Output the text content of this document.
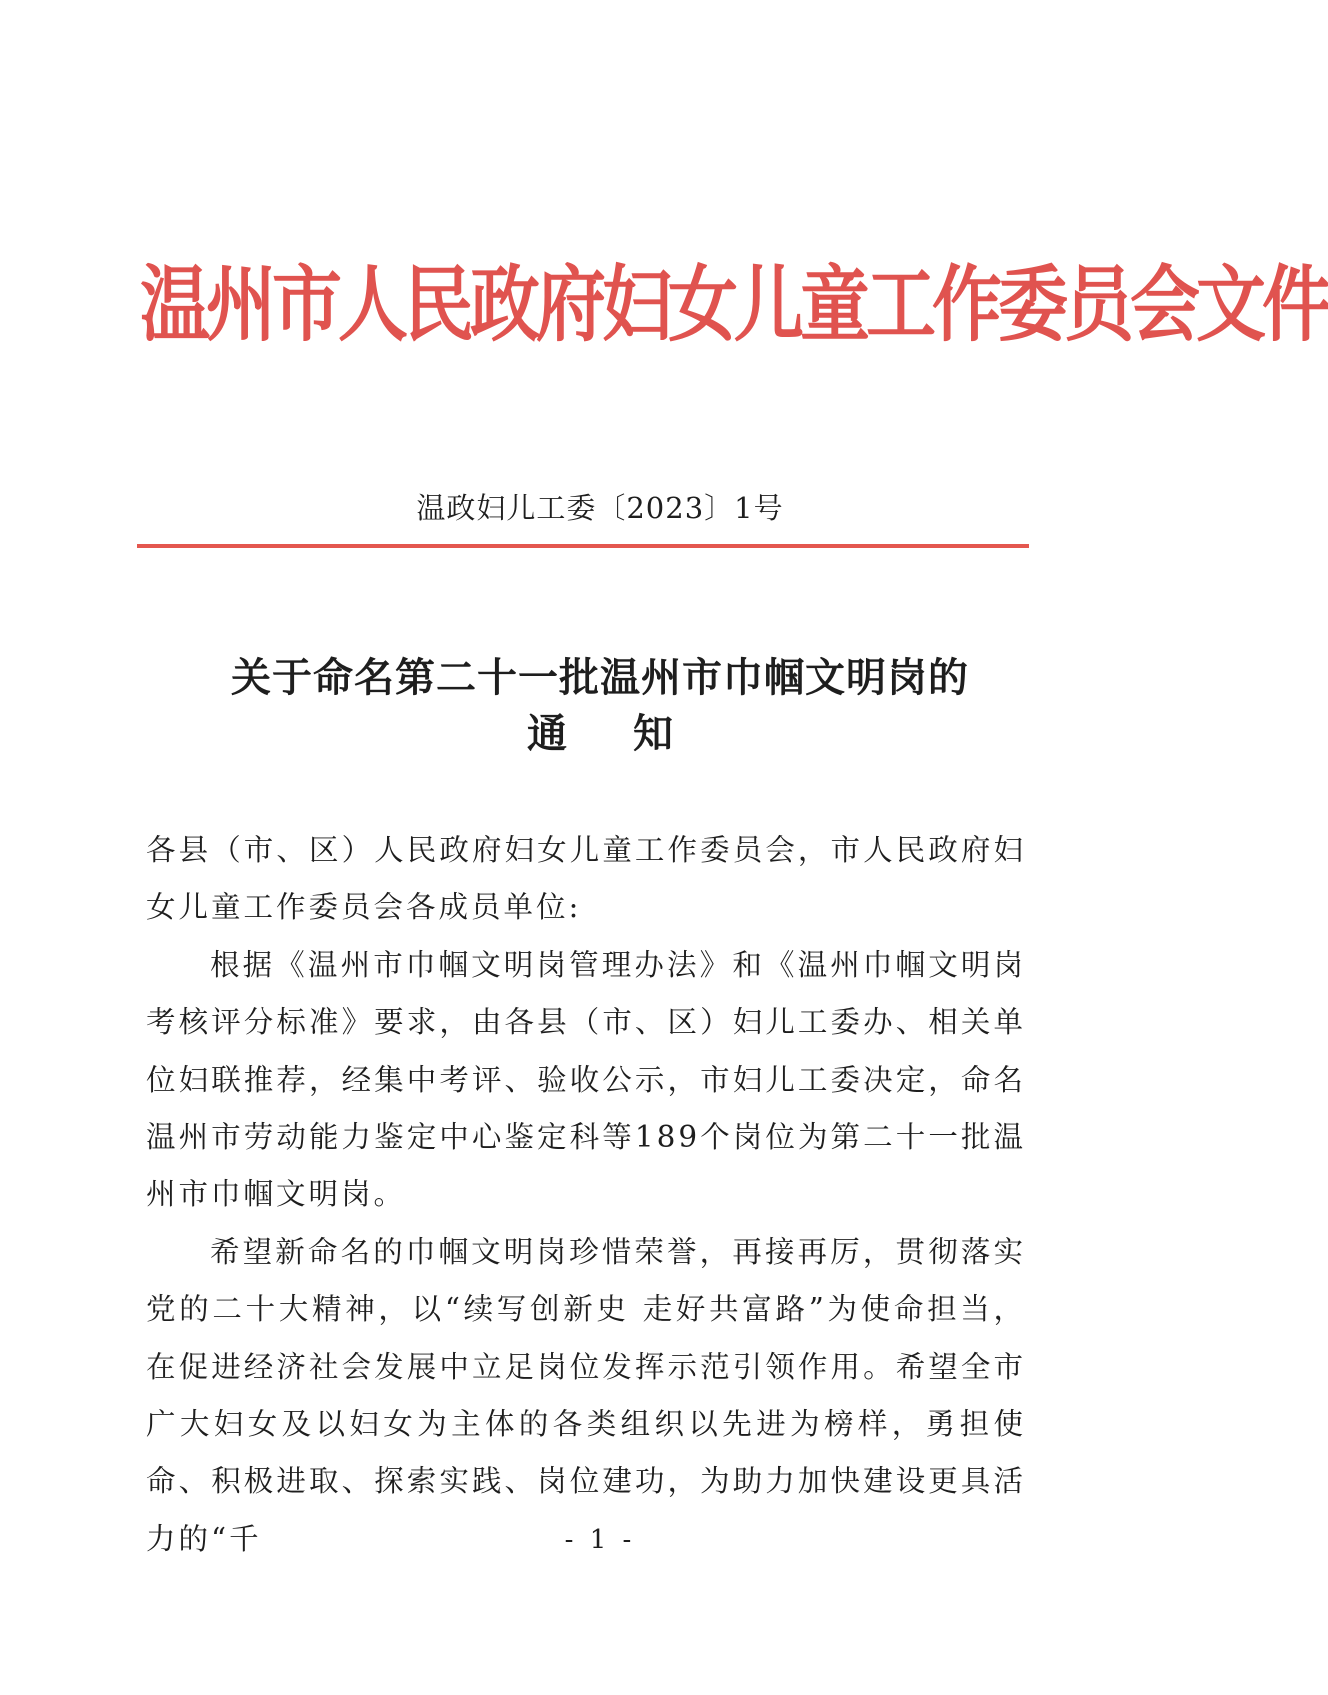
温州市人民政府妇女儿童工作委员会文件
温政妇儿工委〔2023〕1号
关于命名第二十一批温州市巾帼文明岗的
通知

各县（市、区）人民政府妇女儿童工作委员会，市人民政府妇女儿童工作委员会各成员单位:

根据《温州市巾帼文明岗管理办法》和《温州巾帼文明岗考核评分标准》要求，由各县（市、区）妇儿工委办、相关单位妇联推荐，经集中考评、验收公示，市妇儿工委决定，命名温州市劳动能力鉴定中心鉴定科等189个岗位为第二十一批温州市巾帼文明岗。

希望新命名的巾帼文明岗珍惜荣誉，再接再厉，贯彻落实党的二十大精神，以“续写创新史 走好共富路”为使命担当，在促进经济社会发展中立足岗位发挥示范引领作用。希望全市广大妇女及以妇女为主体的各类组织以先进为榜样，勇担使命、积极进取、探索实践、岗位建功，为助力加快建设更具活力的“千	- 1 -
